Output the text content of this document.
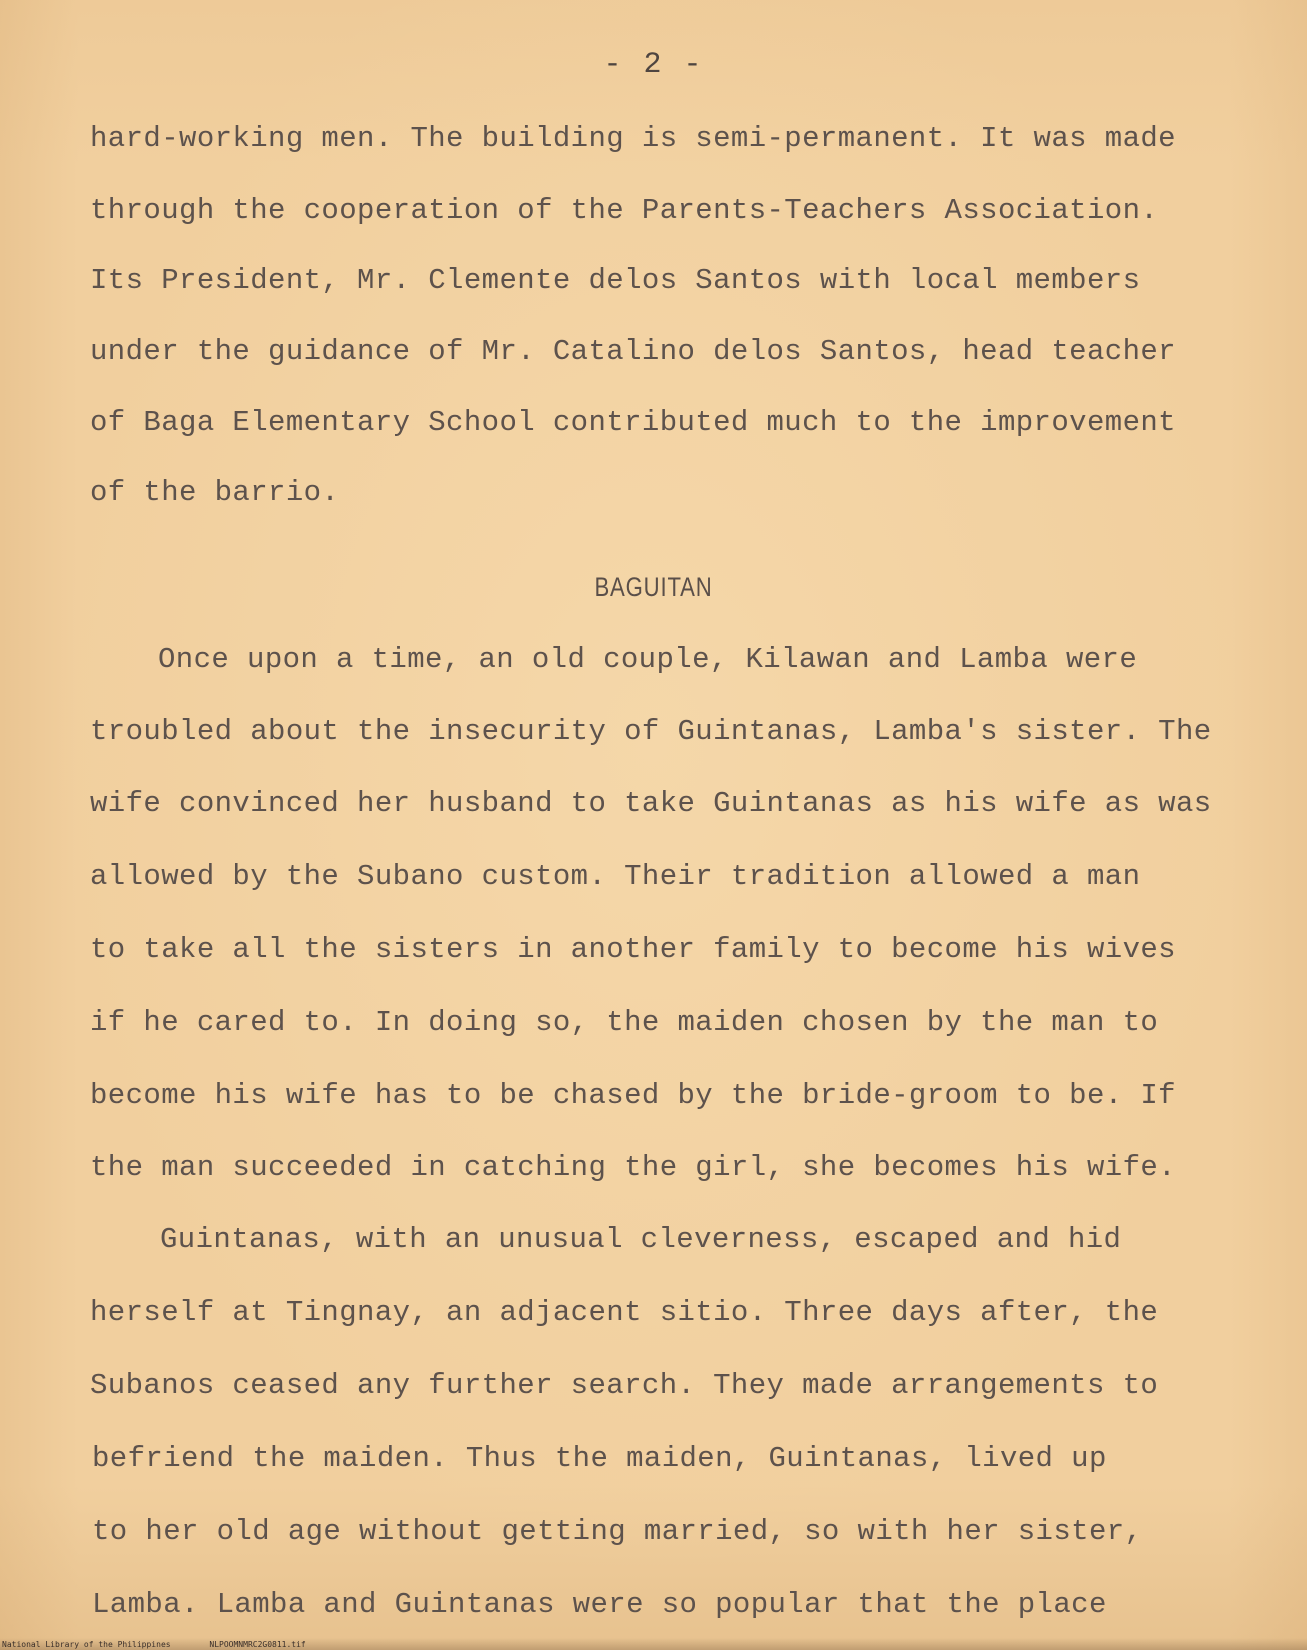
- 2 -
hard-working men. The building is semi-permanent. It was made
through the cooperation of the Parents-Teachers Association.
Its President, Mr. Clemente delos Santos with local members
under the guidance of Mr. Catalino delos Santos, head teacher
of Baga Elementary School contributed much to the improvement
of the barrio.
BAGUITAN
Once upon a time, an old couple, Kilawan and Lamba were
troubled about the insecurity of Guintanas, Lamba's sister. The
wife convinced her husband to take Guintanas as his wife as was
allowed by the Subano custom. Their tradition allowed a man
to take all the sisters in another family to become his wives
if he cared to. In doing so, the maiden chosen by the man to
become his wife has to be chased by the bride-groom to be. If
the man succeeded in catching the girl, she becomes his wife.
Guintanas, with an unusual cleverness, escaped and hid
herself at Tingnay, an adjacent sitio. Three days after, the
Subanos ceased any further search. They made arrangements to
befriend the maiden. Thus the maiden, Guintanas, lived up
to her old age without getting married, so with her sister,
Lamba. Lamba and Guintanas were so popular that the place
National Library of the Philippines	NLPOOMNMRC2G0811.tif
